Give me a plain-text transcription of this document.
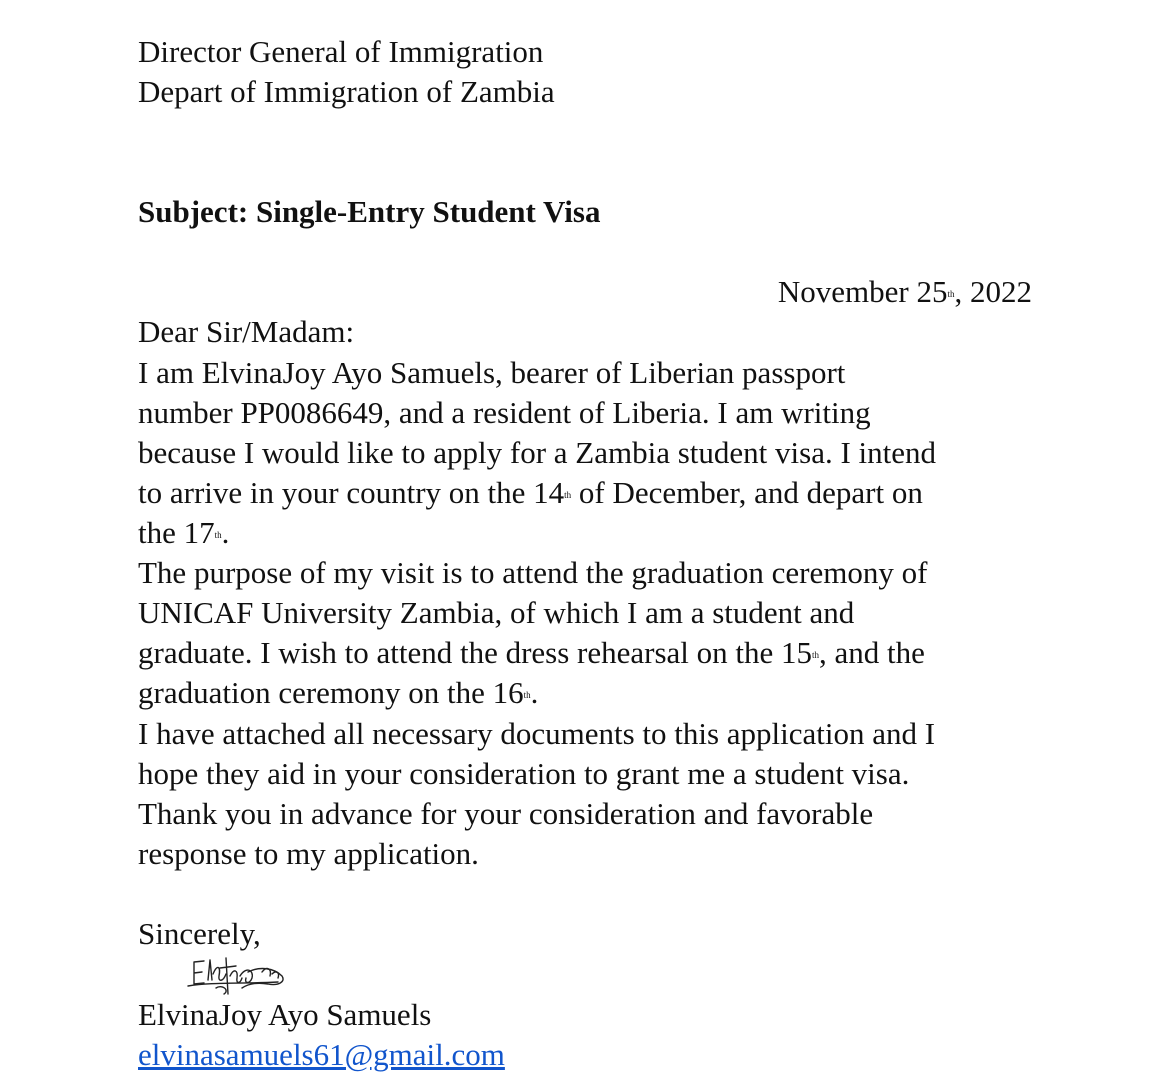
Director General of Immigration
Depart of Immigration of Zambia
Subject: Single-Entry Student Visa
November 25th, 2022
Dear Sir/Madam:
I am ElvinaJoy Ayo Samuels, bearer of Liberian passport
number PP0086649, and a resident of Liberia. I am writing
because I would like to apply for a Zambia student visa. I intend
to arrive in your country on the 14th of December, and depart on
the 17th.
The purpose of my visit is to attend the graduation ceremony of
UNICAF University Zambia, of which I am a student and
graduate. I wish to attend the dress rehearsal on the 15th, and the
graduation ceremony on the 16th.
I have attached all necessary documents to this application and I
hope they aid in your consideration to grant me a student visa.
Thank you in advance for your consideration and favorable
response to my application.
Sincerely,
ElvinaJoy Ayo Samuels
elvinasamuels61@gmail.com
